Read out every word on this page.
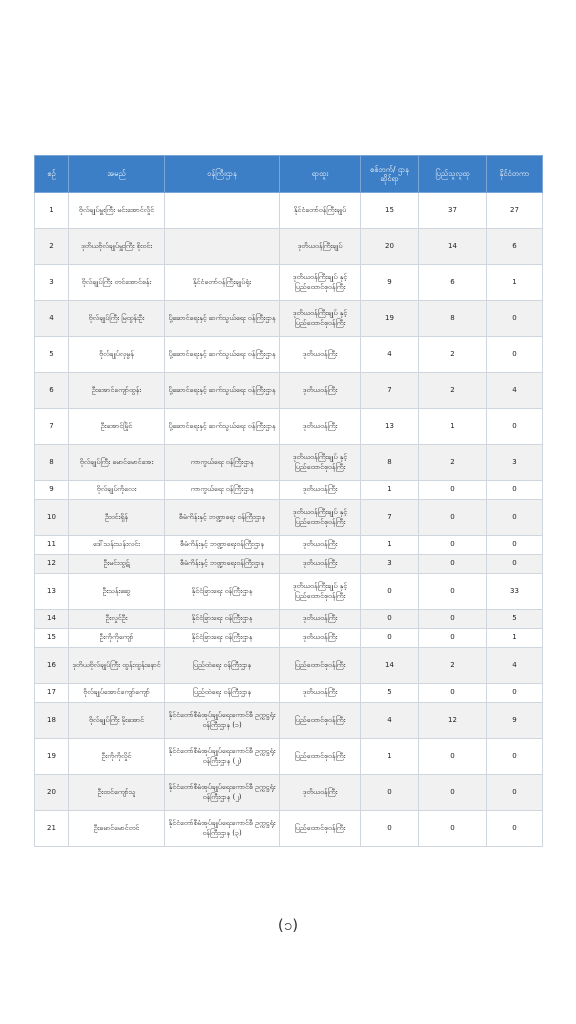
စဉ်	အမည်	ဝန်ကြီးဌာန	ရာထူး	စစ်ဘက်/ ဌာနဆိုင်ရာ	ပြည်သူလူထု	နိုင်ငံတကာ
1	ဗိုလ်ချုပ်မှူးကြီး မင်းအောင်လှိုင်		နိုင်ငံတော်ဝန်ကြီးချုပ်	15	37	27
2	ဒုတိယဗိုလ်ချုပ်မှူးကြီး စိုးဝင်း		ဒုတိယဝန်ကြီးချုပ်	20	14	6
3	ဗိုလ်ချုပ်ကြီး တင်အောင်စန်း	နိုင်ငံတော်ဝန်ကြီးချုပ်ရုံး	ဒုတိယဝန်ကြီးချုပ် နှင့် ပြည်ထောင်စုဝန်ကြီး	9	6	1
4	ဗိုလ်ချုပ်ကြီး မြထွန်းဦး	ပို့ဆောင်ရေးနှင့် ဆက်သွယ်ရေး ဝန်ကြီးဌာန	ဒုတိယဝန်ကြီးချုပ် နှင့် ပြည်ထောင်စုဝန်ကြီး	19	8	0
5	ဗိုလ်ချုပ်လှမွန်	ပို့ဆောင်ရေးနှင့် ဆက်သွယ်ရေး ဝန်ကြီးဌာန	ဒုတိယဝန်ကြီး	4	2	0
6	ဦးအောင်ကျော်ထွန်း	ပို့ဆောင်ရေးနှင့် ဆက်သွယ်ရေး ဝန်ကြီးဌာန	ဒုတိယဝန်ကြီး	7	2	4
7	ဦးအောင်မြိုင်	ပို့ဆောင်ရေးနှင့် ဆက်သွယ်ရေး ဝန်ကြီးဌာန	ဒုတိယဝန်ကြီး	13	1	0
8	ဗိုလ်ချုပ်ကြီး မောင်မောင်အေး	ကာကွယ်ရေး ဝန်ကြီးဌာန	ဒုတိယဝန်ကြီးချုပ် နှင့် ပြည်ထောင်စုဝန်ကြီး	8	2	3
9	ဗိုလ်ချုပ်ကိုလေး	ကာကွယ်ရေး ဝန်ကြီးဌာန	ဒုတိယဝန်ကြီး	1	0	0
10	ဦးဝင်းရှိန်	စီမံကိန်းနှင့် ဘဏ္ဍာရေး ဝန်ကြီးဌာန	ဒုတိယဝန်ကြီးချုပ် နှင့် ပြည်ထောင်စုဝန်ကြီး	7	0	0
11	ဒေါ်သန်းသန်းလင်း	စီမံကိန်းနှင့် ဘဏ္ဍာရေးဝန်ကြီးဌာန	ဒုတိယဝန်ကြီး	1	0	0
12	ဦးမင်းထွဋ်	စီမံကိန်းနှင့် ဘဏ္ဍာရေးဝန်ကြီးဌာန	ဒုတိယဝန်ကြီး	3	0	0
13	ဦးသန်းဆွေ	နိုင်ငံခြားရေး ဝန်ကြီးဌာန	ဒုတိယဝန်ကြီးချုပ် နှင့် ပြည်ထောင်စုဝန်ကြီး	0	0	33
14	ဦးလှုင်ဦး	နိုင်ငံခြားရေး ဝန်ကြီးဌာန	ဒုတိယဝန်ကြီး	0	0	5
15	ဦးကိုကိုကျော်	နိုင်ငံခြားရေး ဝန်ကြီးဌာန	ဒုတိယဝန်ကြီး	0	0	1
16	ဒုတိယဗိုလ်ချုပ်ကြီး ထွန်းထွန်းနောင်	ပြည်ထဲရေး ဝန်ကြီးဌာန	ပြည်ထောင်စုဝန်ကြီး	14	2	4
17	ဗိုလ်ချုပ်အောင်ကျော်ကျော်	ပြည်ထဲရေး ဝန်ကြီးဌာန	ဒုတိယဝန်ကြီး	5	0	0
18	ဗိုလ်ချုပ်ကြီး မိုးအောင်	နိုင်ငံတော်စီမံအုပ်ချုပ်ရေးကောင်စီ ဥက္ကဋ္ဌရုံး ဝန်ကြီးဌာန (၁)	ပြည်ထောင်စုဝန်ကြီး	4	12	9
19	ဦးကိုကိုလှိုင်	နိုင်ငံတော်စီမံအုပ်ချုပ်ရေးကောင်စီ ဥက္ကဋ္ဌရုံး ဝန်ကြီးဌာန (၂)	ပြည်ထောင်စုဝန်ကြီး	1	0	0
20	ဦးထင်ကျော်သူ	နိုင်ငံတော်စီမံအုပ်ချုပ်ရေးကောင်စီ ဥက္ကဋ္ဌရုံး ဝန်ကြီးဌာန (၂)	ဒုတိယဝန်ကြီး	0	0	0
21	ဦးမောင်မောင်တင်	နိုင်ငံတော်စီမံအုပ်ချုပ်ရေးကောင်စီ ဥက္ကဋ္ဌရုံး ဝန်ကြီးဌာန (၃)	ပြည်ထောင်စုဝန်ကြီး	0	0	0
(၁)
